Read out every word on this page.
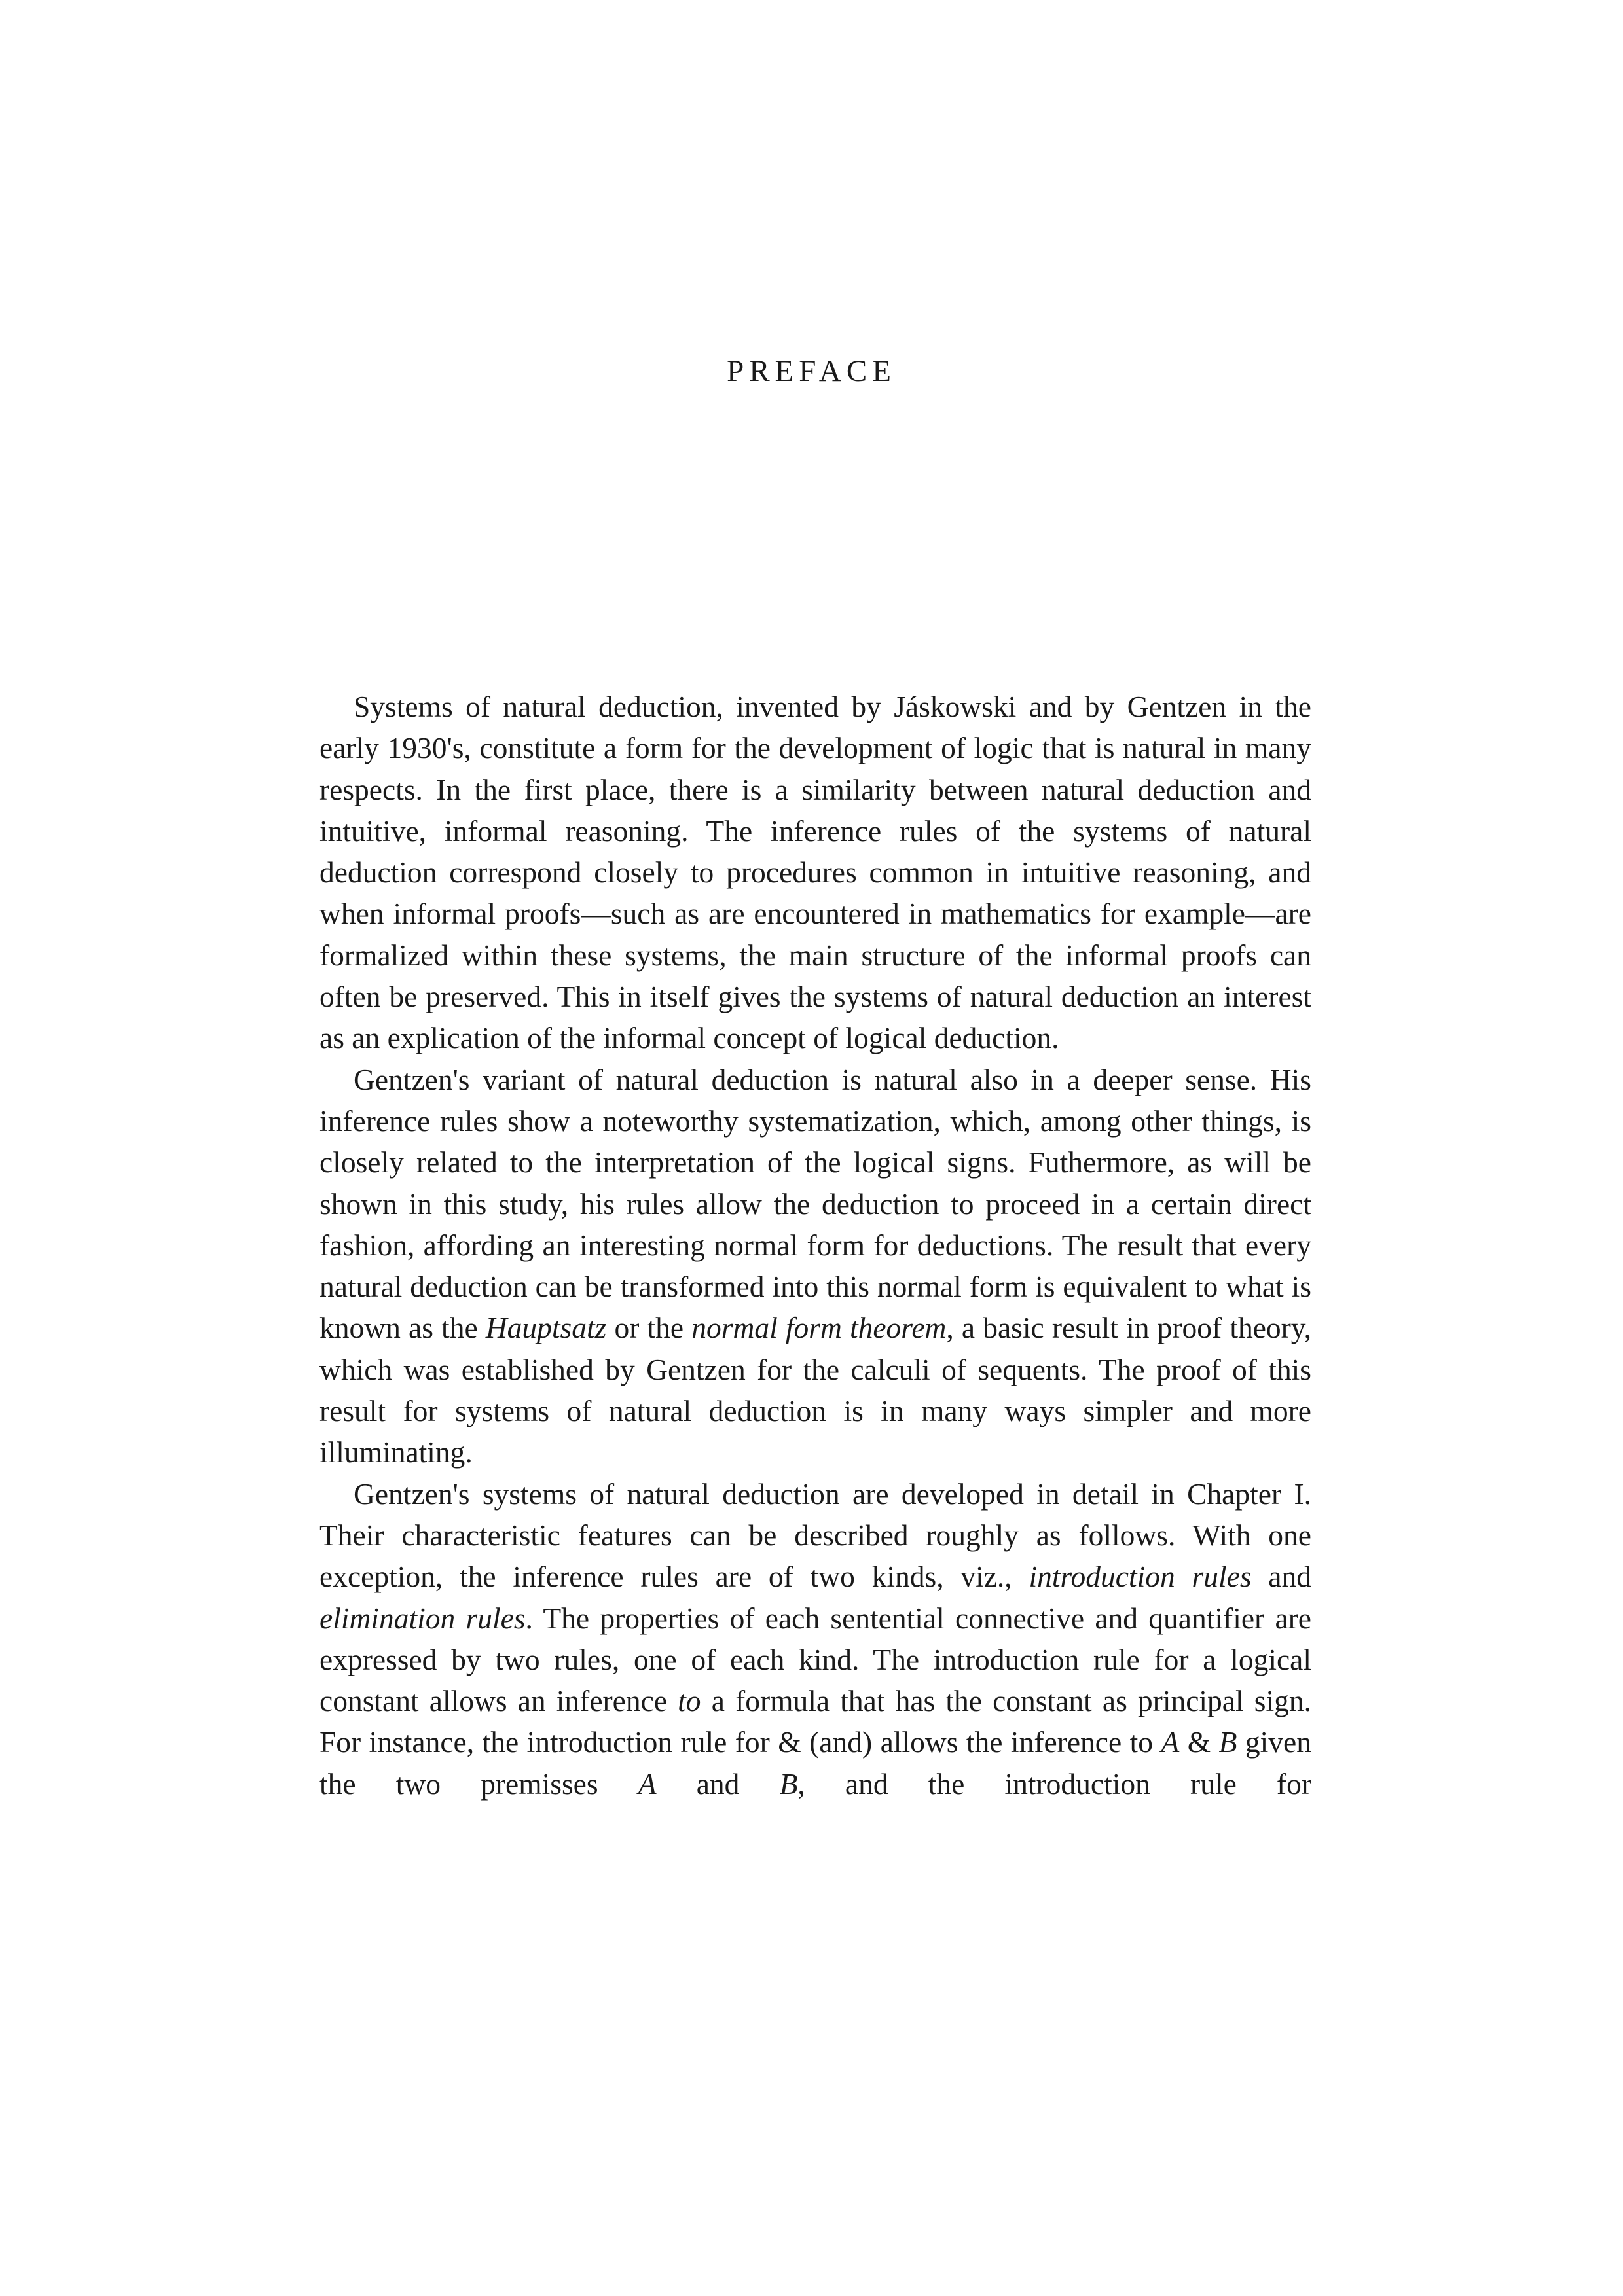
PREFACE

Systems of natural deduction, invented by Jáskowski and by Gentzen in the early 1930's, constitute a form for the development of logic that is natural in many respects. In the first place, there is a similarity between natural deduction and intuitive, informal reasoning. The inference rules of the systems of natural deduction correspond closely to procedures common in intuitive reasoning, and when informal proofs—such as are encountered in mathematics for example—are formalized within these systems, the main structure of the informal proofs can often be preserved. This in itself gives the systems of natural deduction an interest as an explication of the informal concept of logical deduction.

Gentzen's variant of natural deduction is natural also in a deeper sense. His inference rules show a noteworthy systematization, which, among other things, is closely related to the interpretation of the logical signs. Futhermore, as will be shown in this study, his rules allow the deduction to proceed in a certain direct fashion, affording an interesting normal form for deductions. The result that every natural deduction can be transformed into this normal form is equivalent to what is known as the Hauptsatz or the normal form theorem, a basic result in proof theory, which was established by Gentzen for the calculi of sequents. The proof of this result for systems of natural deduction is in many ways simpler and more illuminating.

Gentzen's systems of natural deduction are developed in detail in Chapter I. Their characteristic features can be described roughly as follows. With one exception, the inference rules are of two kinds, viz., introduction rules and elimination rules. The properties of each sentential connective and quantifier are expressed by two rules, one of each kind. The introduction rule for a logical constant allows an inference to a formula that has the constant as principal sign. For instance, the introduction rule for & (and) allows the inference to A & B given the two premisses A and B, and the introduction rule for
